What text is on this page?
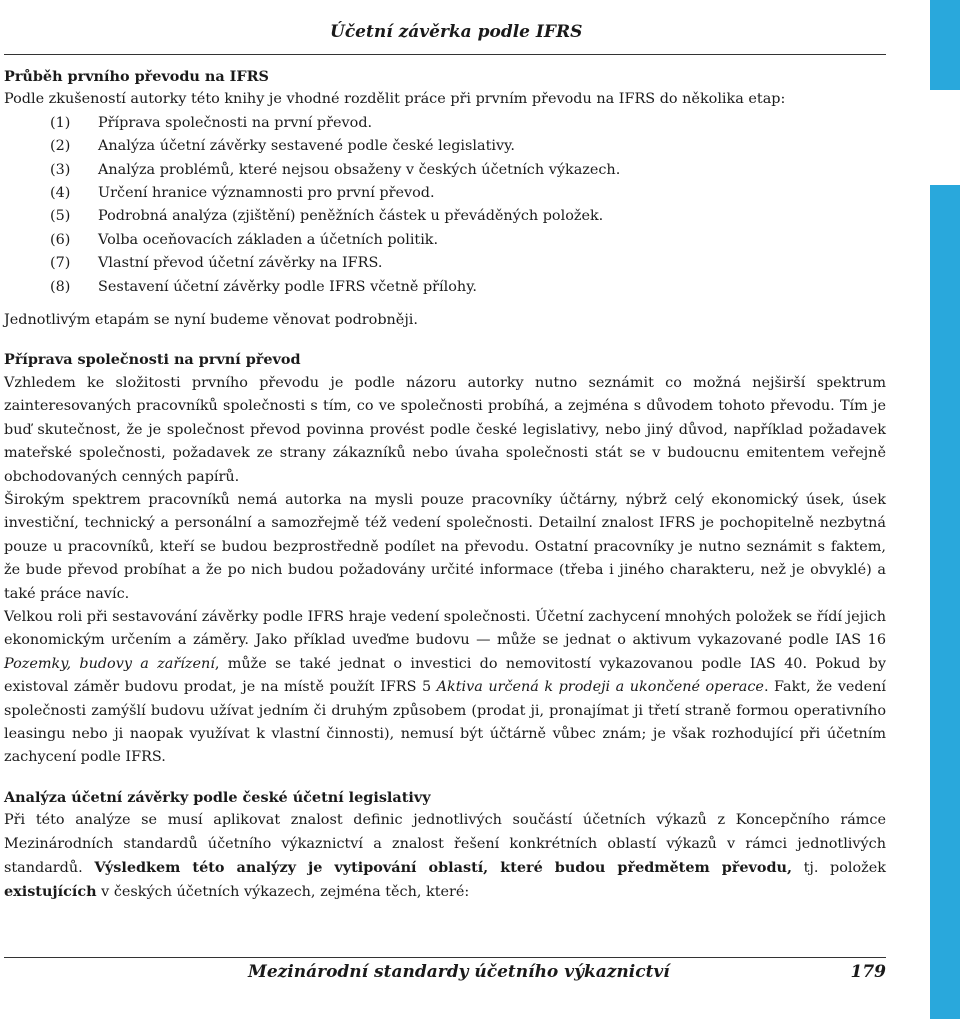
Účetní závěrka podle IFRS

Průběh prvního převodu na IFRS

Podle zkušeností autorky této knihy je vhodné rozdělit práce při prvním převodu na IFRS do několika etap:

(1)	Příprava společnosti na první převod.
(2)	Analýza účetní závěrky sestavené podle české legislativy.
(3)	Analýza problémů, které nejsou obsaženy v českých účetních výkazech.
(4)	Určení hranice významnosti pro první převod.
(5)	Podrobná analýza (zjištění) peněžních částek u převáděných položek.
(6)	Volba oceňovacích základen a účetních politik.
(7)	Vlastní převod účetní závěrky na IFRS.
(8)	Sestavení účetní závěrky podle IFRS včetně přílohy.

Jednotlivým etapám se nyní budeme věnovat podrobněji.

Příprava společnosti na první převod

Vzhledem ke složitosti prvního převodu je podle názoru autorky nutno seznámit co možná nejširší spektrum zainteresovaných pracovníků společnosti s tím, co ve společnosti probíhá, a zejména s důvodem tohoto převodu. Tím je buď skutečnost, že je společnost převod povinna provést podle české legislativy, nebo jiný důvod, například požadavek mateřské společnosti, požadavek ze strany zákazníků nebo úvaha společnosti stát se v budoucnu emitentem veřejně obchodovaných cenných papírů.

Širokým spektrem pracovníků nemá autorka na mysli pouze pracovníky účtárny, nýbrž celý ekonomický úsek, úsek investiční, technický a personální a samozřejmě též vedení společnosti. Detailní znalost IFRS je pochopitelně nezbytná pouze u pracovníků, kteří se budou bezprostředně podílet na převodu. Ostatní pracovníky je nutno seznámit s faktem, že bude převod probíhat a že po nich budou požadovány určité informace (třeba i jiného charakteru, než je obvyklé) a také práce navíc.

Velkou roli při sestavování závěrky podle IFRS hraje vedení společnosti. Účetní zachycení mnohých položek se řídí jejich ekonomickým určením a záměry. Jako příklad uveďme budovu — může se jednat o aktivum vykazované podle IAS 16 Pozemky, budovy a zařízení, může se také jednat o investici do nemovitostí vykazovanou podle IAS 40. Pokud by existoval záměr budovu prodat, je na místě použít IFRS 5 Aktiva určená k prodeji a ukončené operace. Fakt, že vedení společnosti zamýšlí budovu užívat jedním či druhým způsobem (prodat ji, pronajímat ji třetí straně formou operativního leasingu nebo ji naopak využívat k vlastní činnosti), nemusí být účtárně vůbec znám; je však rozhodující při účetním zachycení podle IFRS.

Analýza účetní závěrky podle české účetní legislativy

Při této analýze se musí aplikovat znalost definic jednotlivých součástí účetních výkazů z Koncepčního rámce Mezinárodních standardů účetního výkaznictví a znalost řešení konkrétních oblastí výkazů v rámci jednotlivých standardů. Výsledkem této analýzy je vytipování oblastí, které budou předmětem převodu, tj. položek existujících v českých účetních výkazech, zejména těch, které:

Mezinárodní standardy účetního výkaznictví	179
